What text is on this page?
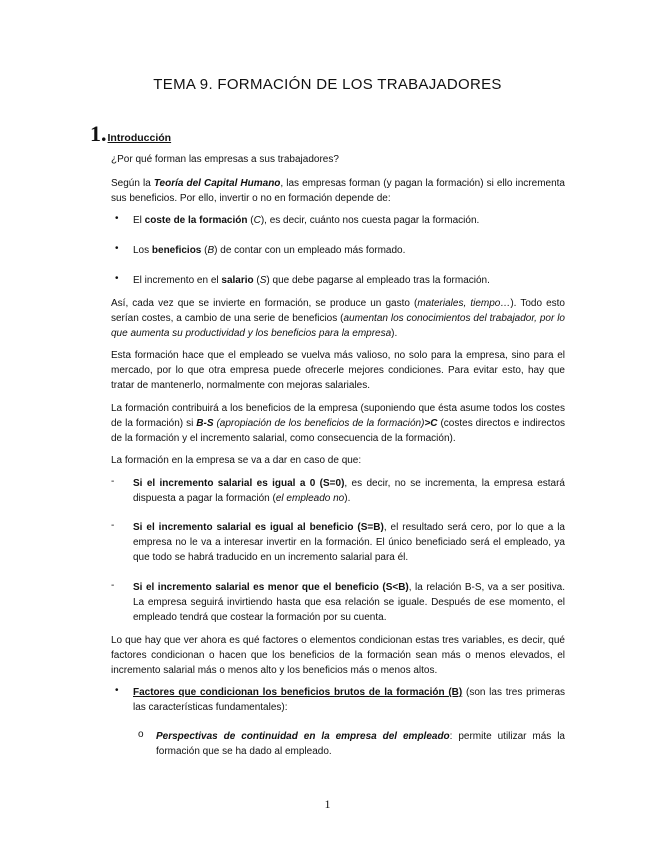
TEMA 9. FORMACIÓN DE LOS TRABAJADORES
1. Introducción
¿Por qué forman las empresas a sus trabajadores?
Según la Teoría del Capital Humano, las empresas forman (y pagan la formación) si ello incrementa sus beneficios. Por ello, invertir o no en formación depende de:
• El coste de la formación (C), es decir, cuánto nos cuesta pagar la formación.
• Los beneficios (B) de contar con un empleado más formado.
• El incremento en el salario (S) que debe pagarse al empleado tras la formación.
Así, cada vez que se invierte en formación, se produce un gasto (materiales, tiempo…). Todo esto serían costes, a cambio de una serie de beneficios (aumentan los conocimientos del trabajador, por lo que aumenta su productividad y los beneficios para la empresa).
Esta formación hace que el empleado se vuelva más valioso, no solo para la empresa, sino para el mercado, por lo que otra empresa puede ofrecerle mejores condiciones. Para evitar esto, hay que tratar de mantenerlo, normalmente con mejoras salariales.
La formación contribuirá a los beneficios de la empresa (suponiendo que ésta asume todos los costes de la formación) si B-S (apropiación de los beneficios de la formación)>C (costes directos e indirectos de la formación y el incremento salarial, como consecuencia de la formación).
La formación en la empresa se va a dar en caso de que:
- Si el incremento salarial es igual a 0 (S=0), es decir, no se incrementa, la empresa estará dispuesta a pagar la formación (el empleado no).
- Si el incremento salarial es igual al beneficio (S=B), el resultado será cero, por lo que a la empresa no le va a interesar invertir en la formación. El único beneficiado será el empleado, ya que todo se habrá traducido en un incremento salarial para él.
- Si el incremento salarial es menor que el beneficio (S<B), la relación B-S, va a ser positiva. La empresa seguirá invirtiendo hasta que esa relación se iguale. Después de ese momento, el empleado tendrá que costear la formación por su cuenta.
Lo que hay que ver ahora es qué factores o elementos condicionan estas tres variables, es decir, qué factores condicionan o hacen que los beneficios de la formación sean más o menos elevados, el incremento salarial más o menos alto y los beneficios más o menos altos.
• Factores que condicionan los beneficios brutos de la formación (B) (son las tres primeras las características fundamentales):
o Perspectivas de continuidad en la empresa del empleado: permite utilizar más la formación que se ha dado al empleado.
1
